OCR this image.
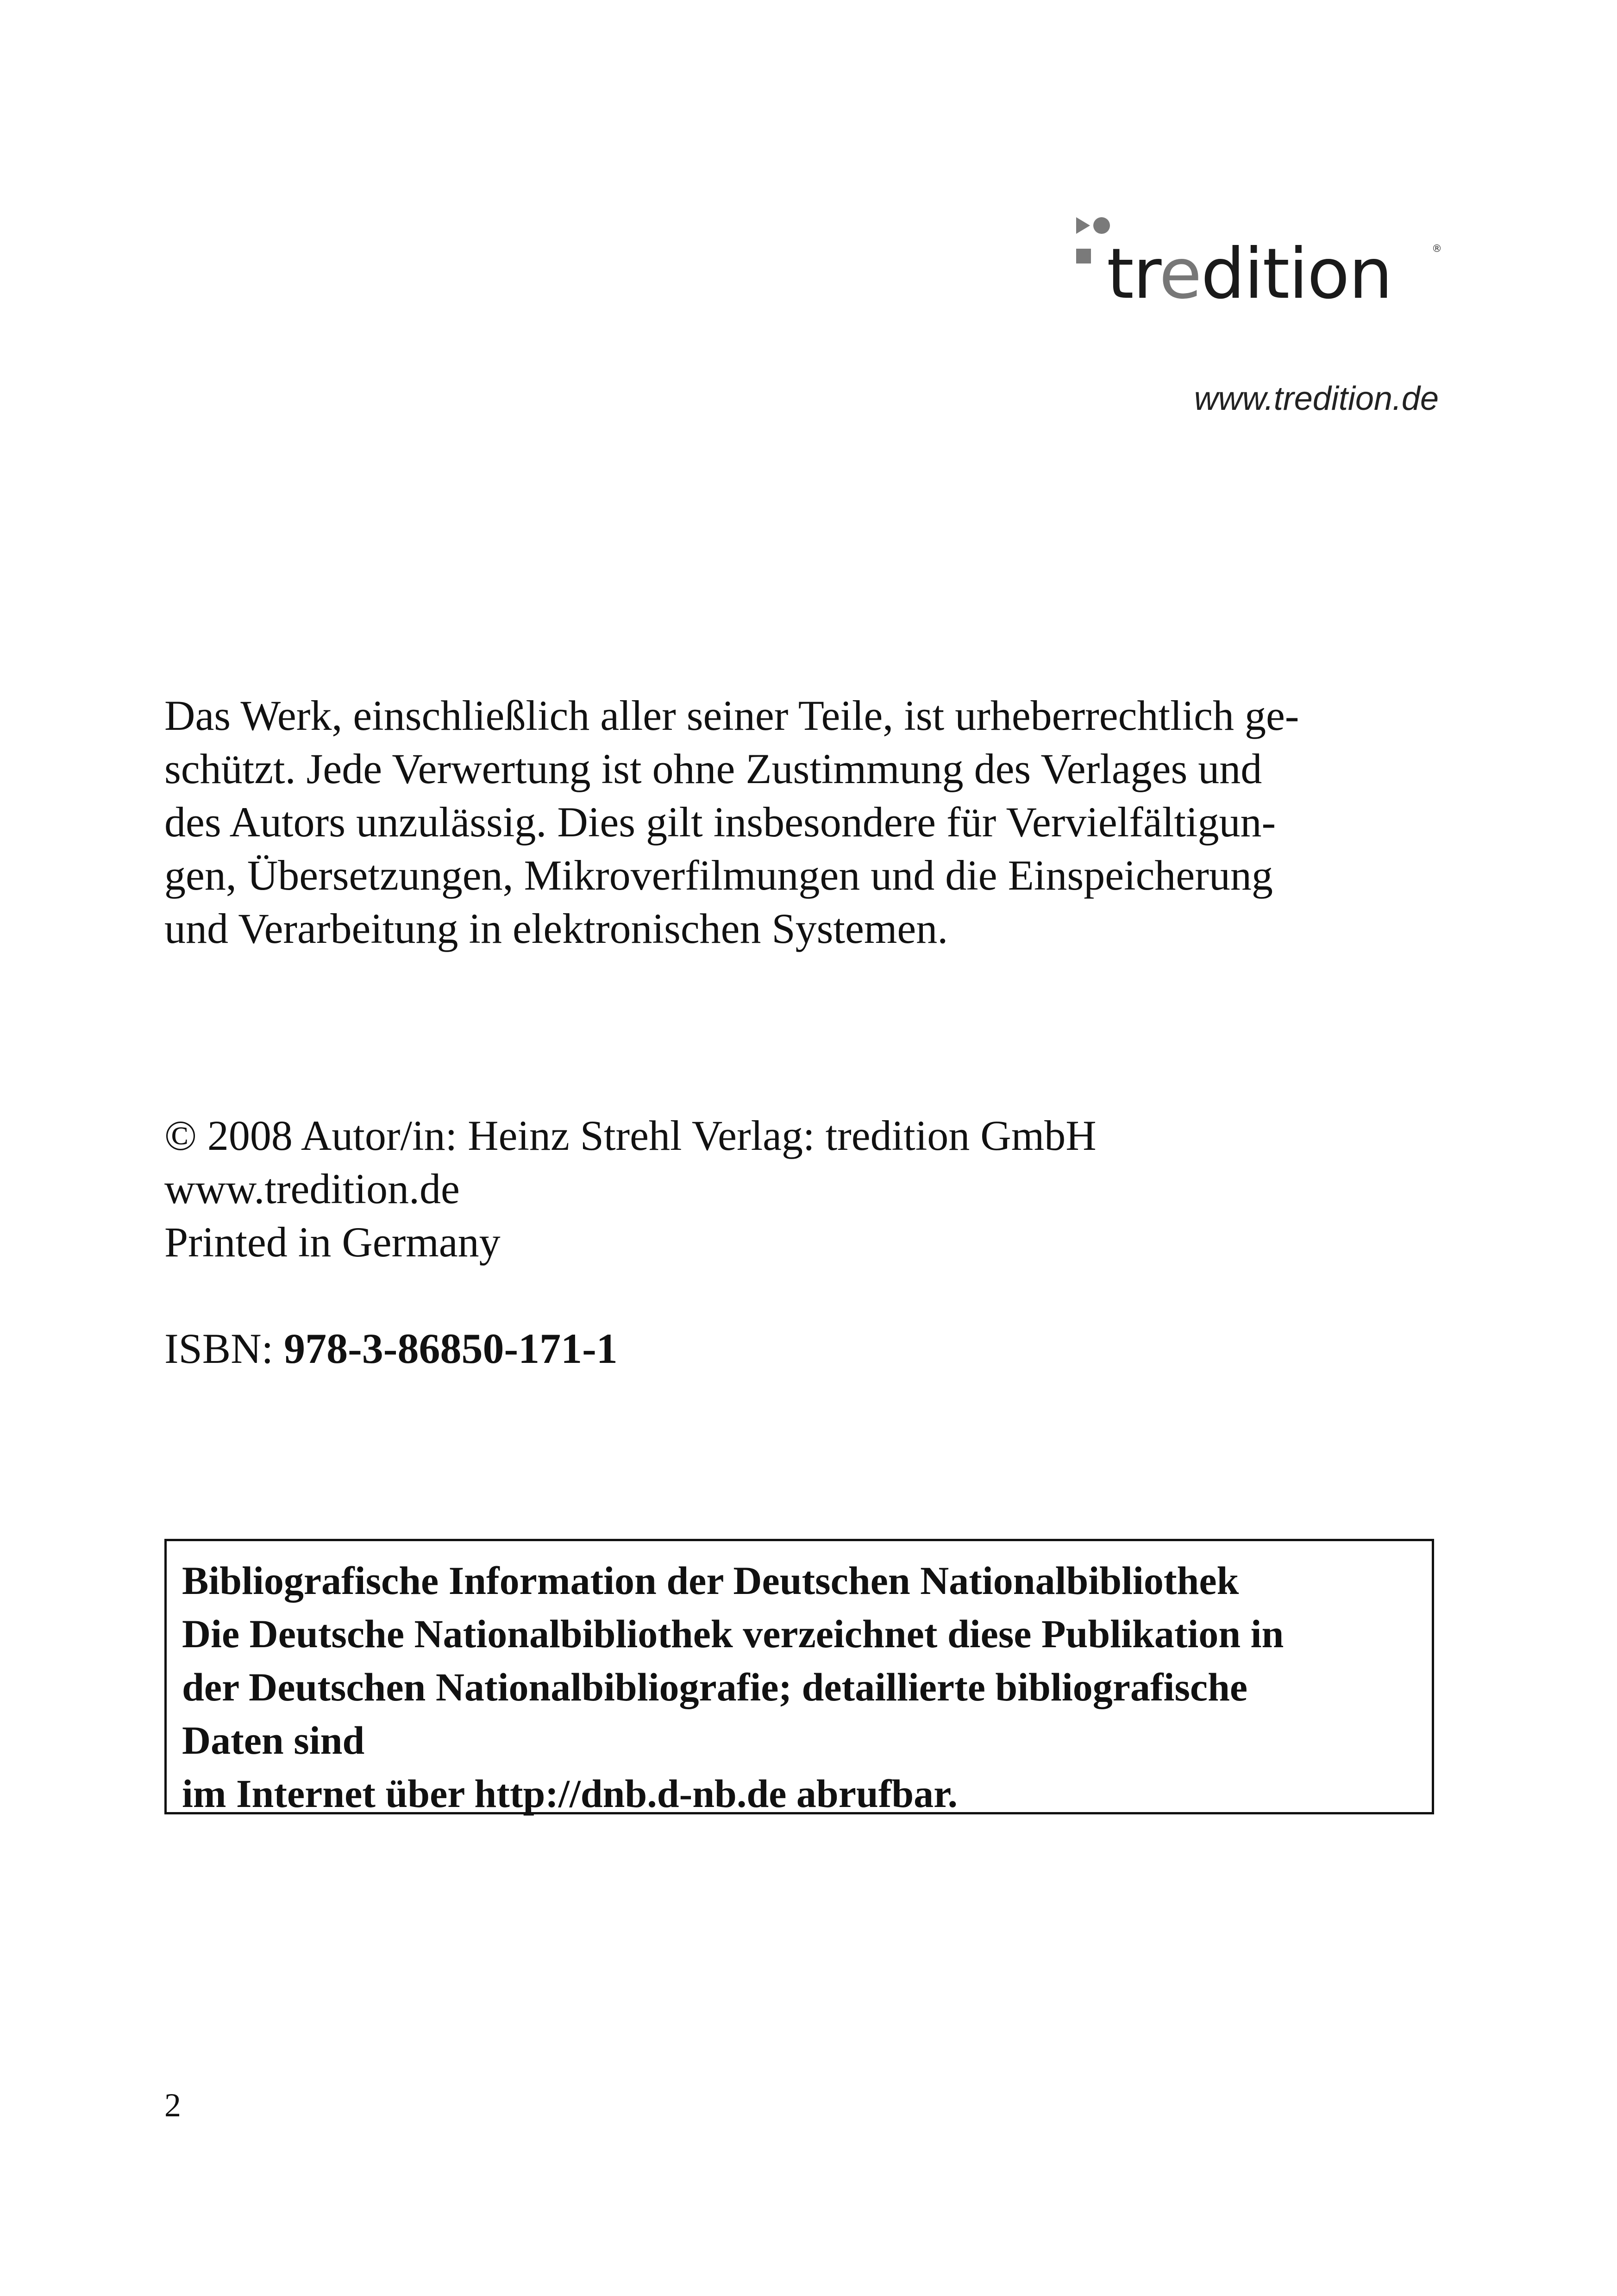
tredition	®
www.tredition.de

Das Werk, einschließlich aller seiner Teile, ist urheberrechtlich ge-
schützt. Jede Verwertung ist ohne Zustimmung des Verlages und
des Autors unzulässig. Dies gilt insbesondere für Vervielfältigun-
gen, Übersetzungen, Mikroverfilmungen und die Einspeicherung
und Verarbeitung in elektronischen Systemen.

© 2008 Autor/in: Heinz Strehl Verlag: tredition GmbH
www.tredition.de
Printed in Germany
ISBN: 978-3-86850-171-1
Bibliografische Information der Deutschen Nationalbibliothek
Die Deutsche Nationalbibliothek verzeichnet diese Publikation in
der Deutschen Nationalbibliografie; detaillierte bibliografische
Daten sind
im Internet über http://dnb.d-nb.de abrufbar.
2
